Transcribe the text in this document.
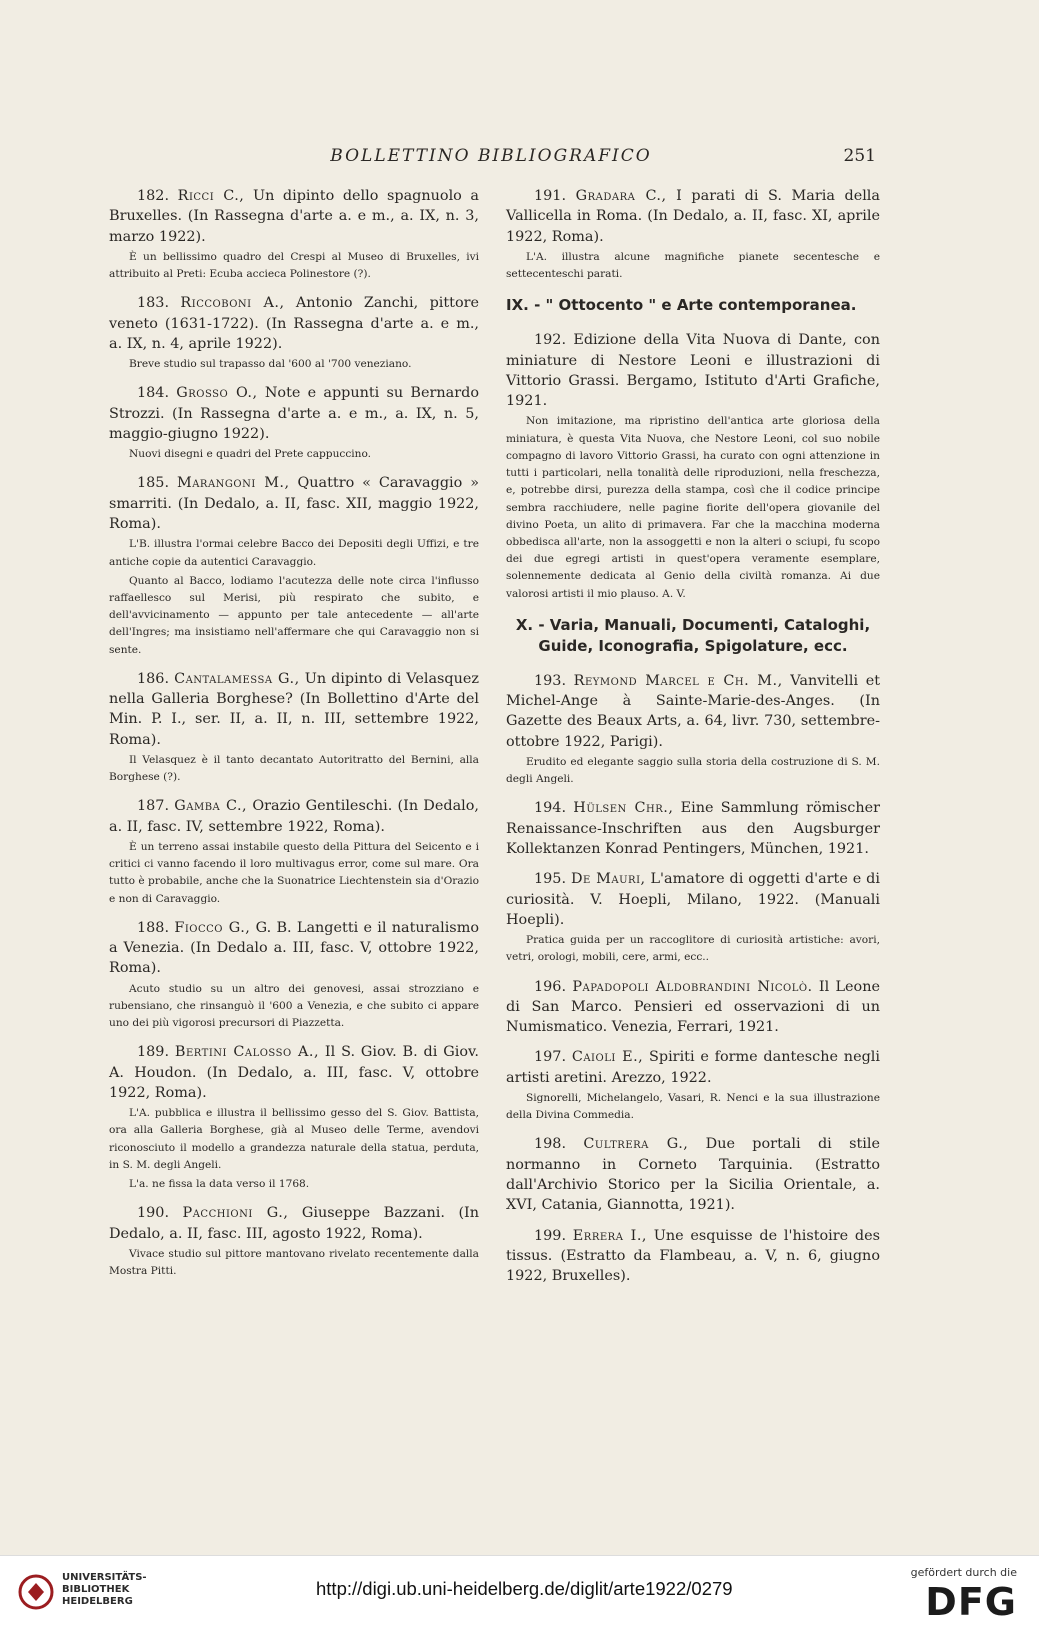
BOLLETTINO BIBLIOGRAFICO	251
182. Ricci C., Un dipinto dello spagnuolo a Bruxelles. (In Rassegna d'arte a. e m., a. IX, n. 3, marzo 1922).
È un bellissimo quadro del Crespi al Museo di Bruxelles, ivi attribuito al Preti: Ecuba accieca Polinestore (?).
183. Riccoboni A., Antonio Zanchi, pittore veneto (1631-1722). (In Rassegna d'arte a. e m., a. IX, n. 4, aprile 1922).
Breve studio sul trapasso dal '600 al '700 veneziano.
184. Grosso O., Note e appunti su Bernardo Strozzi. (In Rassegna d'arte a. e m., a. IX, n. 5, maggio-giugno 1922).
Nuovi disegni e quadri del Prete cappuccino.
185. Marangoni M., Quattro « Caravaggio » smarriti. (In Dedalo, a. II, fasc. XII, maggio 1922, Roma).
L'B. illustra l'ormai celebre Bacco dei Depositi degli Uffizi, e tre antiche copie da autentici Caravaggio.
Quanto al Bacco, lodiamo l'acutezza delle note circa l'influsso raffaellesco sul Merisi, più respirato che subito, e dell'avvicinamento — appunto per tale antecedente — all'arte dell'Ingres; ma insistiamo nell'affermare che qui Caravaggio non si sente.
186. Cantalamessa G., Un dipinto di Velasquez nella Galleria Borghese? (In Bollettino d'Arte del Min. P. I., ser. II, a. II, n. III, settembre 1922, Roma).
Il Velasquez è il tanto decantato Autoritratto del Bernini, alla Borghese (?).
187. Gamba C., Orazio Gentileschi. (In Dedalo, a. II, fasc. IV, settembre 1922, Roma).
È un terreno assai instabile questo della Pittura del Seicento e i critici ci vanno facendo il loro multivagus error, come sul mare. Ora tutto è probabile, anche che la Suonatrice Liechtenstein sia d'Orazio e non di Caravaggio.
188. Fiocco G., G. B. Langetti e il naturalismo a Venezia. (In Dedalo a. III, fasc. V, ottobre 1922, Roma).
Acuto studio su un altro dei genovesi, assai strozziano e rubensiano, che rinsanguò il '600 a Venezia, e che subito ci appare uno dei più vigorosi precursori di Piazzetta.
189. Bertini Calosso A., Il S. Giov. B. di Giov. A. Houdon. (In Dedalo, a. III, fasc. V, ottobre 1922, Roma).
L'A. pubblica e illustra il bellissimo gesso del S. Giov. Battista, ora alla Galleria Borghese, già al Museo delle Terme, avendovi riconosciuto il modello a grandezza naturale della statua, perduta, in S. M. degli Angeli.
L'a. ne fissa la data verso il 1768.
190. Pacchioni G., Giuseppe Bazzani. (In Dedalo, a. II, fasc. III, agosto 1922, Roma).
Vivace studio sul pittore mantovano rivelato recentemente dalla Mostra Pitti.
191. Gradara C., I parati di S. Maria della Vallicella in Roma. (In Dedalo, a. II, fasc. XI, aprile 1922, Roma).
L'A. illustra alcune magnifiche pianete secentesche e settecenteschi parati.
IX. - " Ottocento " e Arte contemporanea.
192. Edizione della Vita Nuova di Dante, con miniature di Nestore Leoni e illustrazioni di Vittorio Grassi. Bergamo, Istituto d'Arti Grafiche, 1921.
Non imitazione, ma ripristino dell'antica arte gloriosa della miniatura, è questa Vita Nuova, che Nestore Leoni, col suo nobile compagno di lavoro Vittorio Grassi, ha curato con ogni attenzione in tutti i particolari, nella tonalità delle riproduzioni, nella freschezza, e, potrebbe dirsi, purezza della stampa, così che il codice principe sembra racchiudere, nelle pagine fiorite dell'opera giovanile del divino Poeta, un alito di primavera. Far che la macchina moderna obbedisca all'arte, non la assoggetti e non la alteri o sciupi, fu scopo dei due egregi artisti in quest'opera veramente esemplare, solennemente dedicata al Genio della civiltà romanza. Ai due valorosi artisti il mio plauso. A. V.
X. - Varia, Manuali, Documenti, Cataloghi,
Guide, Iconografia, Spigolature, ecc.
193. Reymond Marcel e Ch. M., Vanvitelli et Michel-Ange à Sainte-Marie-des-Anges. (In Gazette des Beaux Arts, a. 64, livr. 730, settembre-ottobre 1922, Parigi).
Erudito ed elegante saggio sulla storia della costruzione di S. M. degli Angeli.
194. Hülsen Chr., Eine Sammlung römischer Renaissance-Inschriften aus den Augsburger Kollektanzen Konrad Pentingers, München, 1921.
195. De Mauri, L'amatore di oggetti d'arte e di curiosità. V. Hoepli, Milano, 1922. (Manuali Hoepli).
Pratica guida per un raccoglitore di curiosità artistiche: avori, vetri, orologi, mobili, cere, armi, ecc..
196. Papadopoli Aldobrandini Nicolò. Il Leone di San Marco. Pensieri ed osservazioni di un Numismatico. Venezia, Ferrari, 1921.
197. Caioli E., Spiriti e forme dantesche negli artisti aretini. Arezzo, 1922.
Signorelli, Michelangelo, Vasari, R. Nenci e la sua illustrazione della Divina Commedia.
198. Cultrera G., Due portali di stile normanno in Corneto Tarquinia. (Estratto dall'Archivio Storico per la Sicilia Orientale, a. XVI, Catania, Giannotta, 1921).
199. Errera I., Une esquisse de l'histoire des tissus. (Estratto da Flambeau, a. V, n. 6, giugno 1922, Bruxelles).
UNIVERSITÄTS-
BIBLIOTHEK
HEIDELBERG
http://digi.ub.uni-heidelberg.de/diglit/arte1922/0279
gefördert durch die
DFG
